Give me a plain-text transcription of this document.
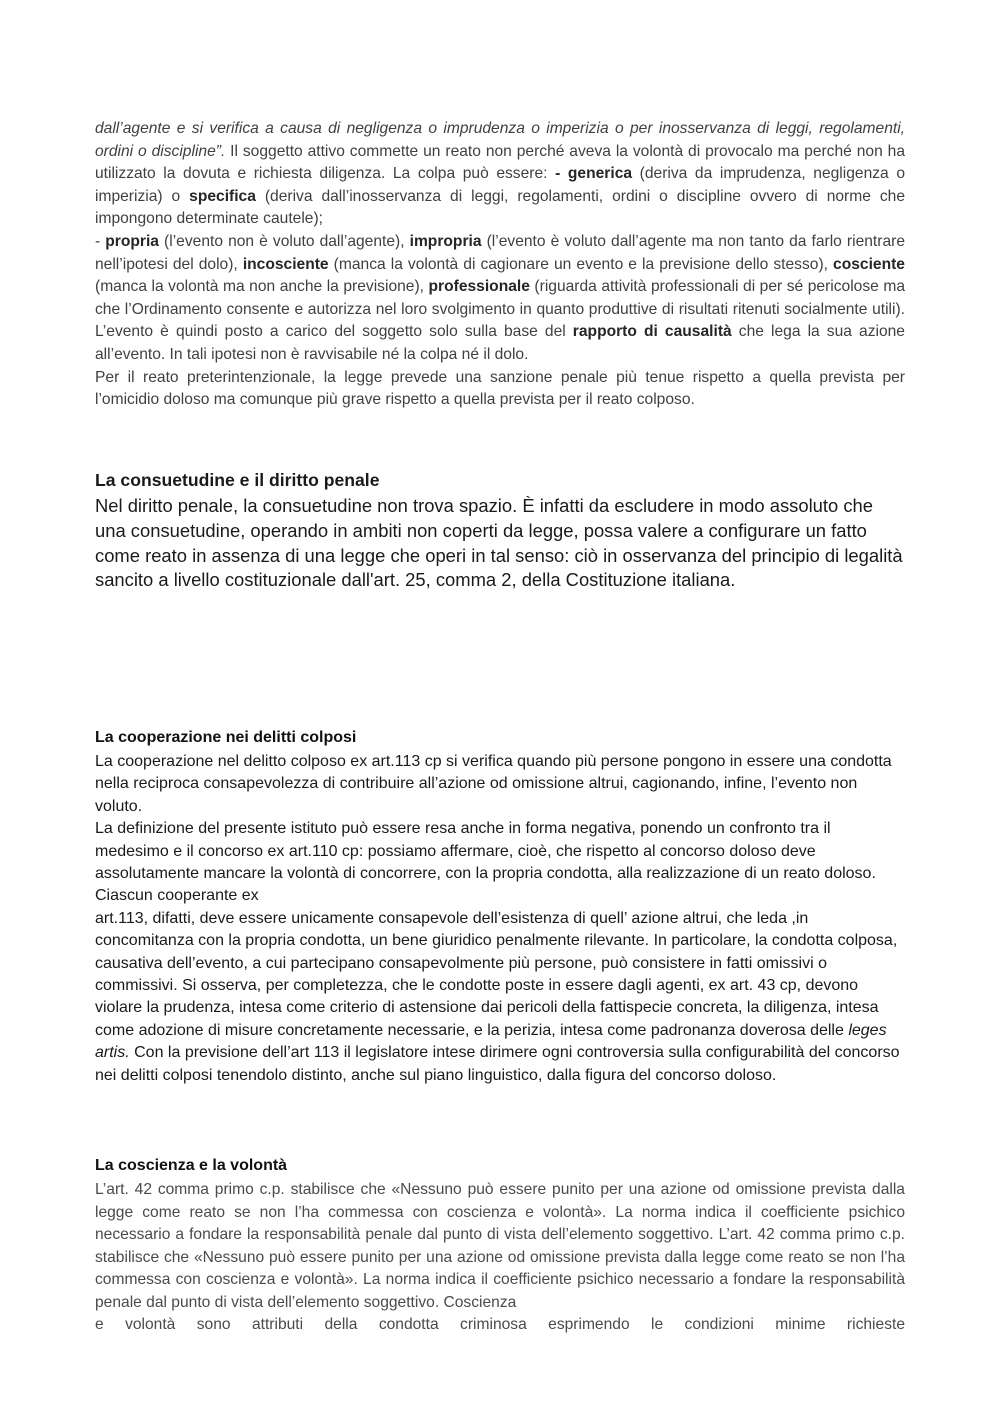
dall’agente e si verifica a causa di negligenza o imprudenza o imperizia o per inosservanza di leggi, regolamenti, ordini o discipline”. Il soggetto attivo commette un reato non perché aveva la volontà di provocalo ma perché non ha utilizzato la dovuta e richiesta diligenza. La colpa può essere: - generica (deriva da imprudenza, negligenza o imperizia) o specifica (deriva dall’inosservanza di leggi, regolamenti, ordini o discipline ovvero di norme che impongono determinate cautele);
- propria (l’evento non è voluto dall’agente), impropria (l’evento è voluto dall’agente ma non tanto da farlo rientrare nell’ipotesi del dolo), incosciente (manca la volontà di cagionare un evento e la previsione dello stesso), cosciente (manca la volontà ma non anche la previsione), professionale (riguarda attività professionali di per sé pericolose ma che l’Ordinamento consente e autorizza nel loro svolgimento in quanto produttive di risultati ritenuti socialmente utili). L’evento è quindi posto a carico del soggetto solo sulla base del rapporto di causalità che lega la sua azione all’evento. In tali ipotesi non è ravvisabile né la colpa né il dolo.
Per il reato preterintenzionale, la legge prevede una sanzione penale più tenue rispetto a quella prevista per l’omicidio doloso ma comunque più grave rispetto a quella prevista per il reato colposo.

La consuetudine e il diritto penale

Nel diritto penale, la consuetudine non trova spazio. È infatti da escludere in modo assoluto che una consuetudine, operando in ambiti non coperti da legge, possa valere a configurare un fatto come reato in assenza di una legge che operi in tal senso: ciò in osservanza del principio di legalità sancito a livello costituzionale dall'art. 25, comma 2, della Costituzione italiana.

La cooperazione nei delitti colposi
La cooperazione nel delitto colposo ex art.113 cp si verifica quando più persone pongono in essere una condotta nella reciproca consapevolezza di contribuire all’azione od omissione altrui, cagionando, infine, l’evento non voluto.
La definizione del presente istituto può essere resa anche in forma negativa, ponendo un confronto tra il medesimo e il concorso ex art.110 cp: possiamo affermare, cioè, che rispetto al concorso doloso deve assolutamente mancare la volontà di concorrere, con la propria condotta, alla realizzazione di un reato doloso. Ciascun cooperante ex
art.113, difatti, deve essere unicamente consapevole dell’esistenza di quell’ azione altrui, che leda ,in concomitanza con la propria condotta, un bene giuridico penalmente rilevante. In particolare, la condotta colposa, causativa dell’evento, a cui partecipano consapevolmente più persone, può consistere in fatti omissivi o commissivi. Si osserva, per completezza, che le condotte poste in essere dagli agenti, ex art. 43 cp, devono violare la prudenza, intesa come criterio di astensione dai pericoli della fattispecie concreta, la diligenza, intesa come adozione di misure concretamente necessarie, e la perizia, intesa come padronanza doverosa delle leges artis. Con la previsione dell’art 113 il legislatore intese dirimere ogni controversia sulla configurabilità del concorso nei delitti colposi tenendolo distinto, anche sul piano linguistico, dalla figura del concorso doloso.
La coscienza e la volontà
L’art. 42 comma primo c.p. stabilisce che «Nessuno può essere punito per una azione od omissione prevista dalla legge come reato se non l’ha commessa con coscienza e volontà». La norma indica il coefficiente psichico necessario a fondare la responsabilità penale dal punto di vista dell’elemento soggettivo. L’art. 42 comma primo c.p. stabilisce che «Nessuno può essere punito per una azione od omissione prevista dalla legge come reato se non l’ha commessa con coscienza e volontà». La norma indica il coefficiente psichico necessario a fondare la responsabilità penale dal punto di vista dell’elemento soggettivo. Coscienza
e volontà sono attributi della condotta criminosa esprimendo le condizioni minime richieste
